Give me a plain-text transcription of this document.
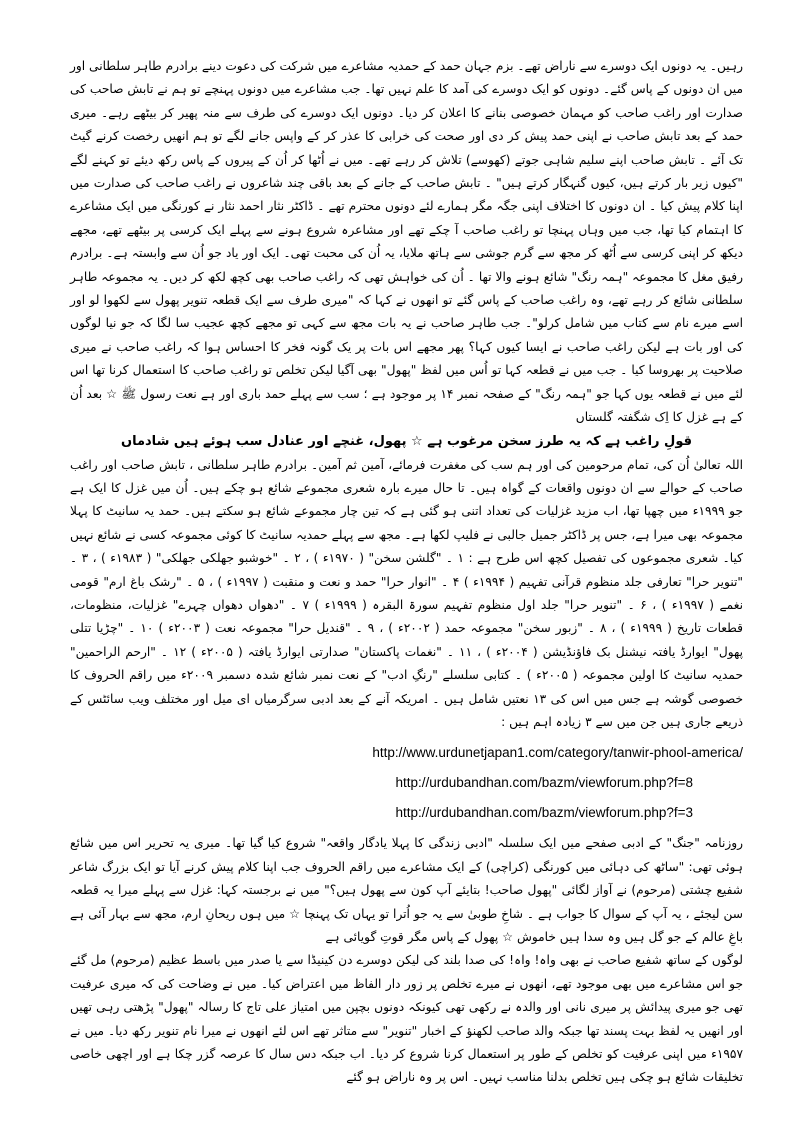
رہیں۔ یہ دونوں ایک دوسرے سے ناراض تھے۔ بزم جہان حمد کے حمدیہ مشاعرے میں شرکت کی دعوت دینے برادرم طاہر سلطانی اور میں ان دونوں کے پاس گئے۔ دونوں کو ایک دوسرے کی آمد کا علم نہیں تھا۔ جب مشاعرے میں دونوں پہنچے تو ہم نے تابش صاحب کی صدارت اور راغب صاحب کو مہمان خصوصی بنانے کا اعلان کر دیا۔ دونوں ایک دوسرے کی طرف سے منہ پھیر کر بیٹھے رہے۔ میری حمد کے بعد تابش صاحب نے اپنی حمد پیش کر دی اور صحت کی خرابی کا عذر کر کے واپس جانے لگے تو ہم انھیں رخصت کرنے گیٹ تک آئے ۔ تابش صاحب اپنے سلیم شاہی جوتے (کھوسے) تلاش کر رہے تھے۔ میں نے اُٹھا کر اُن کے پیروں کے پاس رکھ دیئے تو کہنے لگے "کیوں زیر بار کرتے ہیں، کیوں گنہگار کرتے ہیں" ۔ تابش صاحب کے جانے کے بعد باقی چند شاعروں نے راغب صاحب کی صدارت میں اپنا کلام پیش کیا ۔ ان دونوں کا اختلاف اپنی جگہ مگر ہمارے لئے دونوں محترم تھے ۔ ڈاکٹر نثار احمد نثار نے کورنگی میں ایک مشاعرے کا اہتمام کیا تھا، جب میں وہاں پہنچا تو راغب صاحب آ چکے تھے اور مشاعرہ شروع ہونے سے پہلے ایک کرسی پر بیٹھے تھے، مجھے دیکھ کر اپنی کرسی سے اُٹھ کر مجھ سے گرم جوشی سے ہاتھ ملایا، یہ اُن کی محبت تھی۔ ایک اور یاد جو اُن سے وابستہ ہے۔ برادرم رفیق مغل کا مجموعہ "ہمہ رنگ" شائع ہونے والا تھا ۔ اُن کی خواہش تھی کہ راغب صاحب بھی کچھ لکھ کر دیں۔ یہ مجموعہ طاہر سلطانی شائع کر رہے تھے، وہ راغب صاحب کے پاس گئے تو انھوں نے کہا کہ "میری طرف سے ایک قطعہ تنویر پھول سے لکھوا لو اور اسے میرے نام سے کتاب میں شامل کرلو"۔ جب طاہر صاحب نے یہ بات مجھ سے کہی تو مجھے کچھ عجیب سا لگا کہ جو نیا لوگوں کی اور بات ہے لیکن راغب صاحب نے ایسا کیوں کہا؟ پھر مجھے اس بات پر یک گونہ فخر کا احساس ہوا کہ راغب صاحب نے میری صلاحیت پر بھروسا کیا ۔ جب میں نے قطعہ کہا تو اُس میں لفظ "پھول" بھی آگیا لیکن تخلص تو راغب صاحب کا استعمال کرنا تھا اس لئے میں نے قطعہ یوں کہا جو "ہمہ رنگ" کے صفحہ نمبر ۱۴ پر موجود ہے ؛ سب سے پہلے حمد باری اور ہے نعت رسول ﷺ ☆ بعد اُن کے ہے غزل کا اِک شگفتہ گلستاں

قولِ راغب ہے کہ یہ طرز سخن مرغوب ہے ☆ پھول، غنچے اور عنادل سب ہوئے ہیں شادماں

اللہ تعالیٰ اُن کی، تمام مرحومین کی اور ہم سب کی مغفرت فرمائے، آمین ثم آمین۔ برادرم طاہر سلطانی ، تابش صاحب اور راغب صاحب کے حوالے سے ان دونوں واقعات کے گواہ ہیں۔ تا حال میرے بارہ شعری مجموعے شائع ہو چکے ہیں۔ اُن میں غزل کا ایک ہے جو ۱۹۹۹ء میں چھپا تھا، اب مزید غزلیات کی تعداد اتنی ہو گئی ہے کہ تین چار مجموعے شائع ہو سکتے ہیں۔ حمد یہ سانیٹ کا پہلا مجموعہ بھی میرا ہے، جس پر ڈاکٹر جمیل جالبی نے فلیپ لکھا ہے۔ مجھ سے پہلے حمدیہ سانیٹ کا کوئی مجموعہ کسی نے شائع نہیں کیا۔ شعری مجموعوں کی تفصیل کچھ اس طرح ہے : ۱ ۔ "گلشن سخن" ( ۱۹۷۰ء ) ، ۲ ۔ "خوشبو جھلکی جھلکی" ( ۱۹۸۳ء ) ، ۳ ۔ "تنویر حرا" تعارفی جلد منظوم قرآنی تفہیم ( ۱۹۹۴ء ) ۴ ۔ "انوار حرا" حمد و نعت و منقبت ( ۱۹۹۷ء ) ، ۵ ۔ "رشک باغ ارم" قومی نغمے ( ۱۹۹۷ء ) ، ۶ ۔ "تنویر حرا" جلد اول منظوم تفہیم سورۃ البقرہ ( ۱۹۹۹ء ) ۷ ۔ "دھواں دھواں چہرے" غزلیات، منظومات، قطعات تاریخ ( ۱۹۹۹ء ) ، ۸ ۔ "زبور سخن" مجموعہ حمد ( ۲۰۰۲ء ) ، ۹ ۔ "قندیل حرا" مجموعہ نعت ( ۲۰۰۳ء ) ۱۰ ۔ "چڑیا تتلی پھول" ایوارڈ یافتہ نیشنل بک فاؤنڈیشن ( ۲۰۰۴ء ) ، ۱۱ ۔ "نغمات پاکستان" صدارتی ایوارڈ یافتہ ( ۲۰۰۵ء ) ۱۲ ۔ "ارحم الراحمین" حمدیہ سانیٹ کا اولین مجموعہ ( ۲۰۰۵ء ) ۔ کتابی سلسلے "رنگِ ادب" کے نعت نمبر شائع شدہ دسمبر ۲۰۰۹ء میں راقم الحروف کا خصوصی گوشہ ہے جس میں اس کی ۱۳ نعتیں شامل ہیں ۔ امریکہ آنے کے بعد ادبی سرگرمیاں ای میل اور مختلف ویب سائٹس کے ذریعے جاری ہیں جن میں سے ۳ زیادہ اہم ہیں :

http://www.urdunetjapan1.com/category/tanwir-phool-america/

http://urdubandhan.com/bazm/viewforum.php?f=8

http://urdubandhan.com/bazm/viewforum.php?f=3

روزنامہ "جنگ" کے ادبی صفحے میں ایک سلسلہ "ادبی زندگی کا پہلا یادگار واقعہ" شروع کیا گیا تھا۔ میری یہ تحریر اس میں شائع ہوئی تھی: "ساٹھ کی دہائی میں کورنگی (کراچی) کے ایک مشاعرے میں راقم الحروف جب اپنا کلام پیش کرنے آیا تو ایک بزرگ شاعر شفیع چشتی (مرحوم) نے آواز لگائی "پھول صاحب! بتایئے آپ کون سے پھول ہیں؟" میں نے برجستہ کہا: غزل سے پہلے میرا یہ قطعہ سن لیجئے ، یہ آپ کے سوال کا جواب ہے ۔ شاخِ طوبیٰ سے یہ جو اُترا تو یہاں تک پہنچا ☆ میں ہوں ریحانِ ارم، مجھ سے بہار آئی ہے باغِ عالم کے جو گل ہیں وہ سدا ہیں خاموش ☆ پھول کے پاس مگر قوتِ گویائی ہے

لوگوں کے ساتھ شفیع صاحب نے بھی واہ! واہ! کی صدا بلند کی لیکن دوسرے دن کینیڈا سے یا صدر میں باسط عظیم (مرحوم) مل گئے جو اس مشاعرے میں بھی موجود تھے، انھوں نے میرے تخلص پر زور دار الفاظ میں اعتراض کیا۔ میں نے وضاحت کی کہ میری عرفیت تھی جو میری پیدائش پر میری نانی اور والدہ نے رکھی تھی کیونکہ دونوں بچپن میں امتیاز علی تاج کا رسالہ "پھول" پڑھتی رہی تھیں اور انھیں یہ لفظ بہت پسند تھا جبکہ والد صاحب لکھنؤ کے اخبار "تنویر" سے متاثر تھے اس لئے انھوں نے میرا نام تنویر رکھ دیا۔ میں نے ۱۹۵۷ء میں اپنی عرفیت کو تخلص کے طور پر استعمال کرنا شروع کر دیا۔ اب جبکہ دس سال کا عرصہ گزر چکا ہے اور اچھی خاصی تخلیقات شائع ہو چکی ہیں تخلص بدلنا مناسب نہیں۔ اس پر وہ ناراض ہو گئے
